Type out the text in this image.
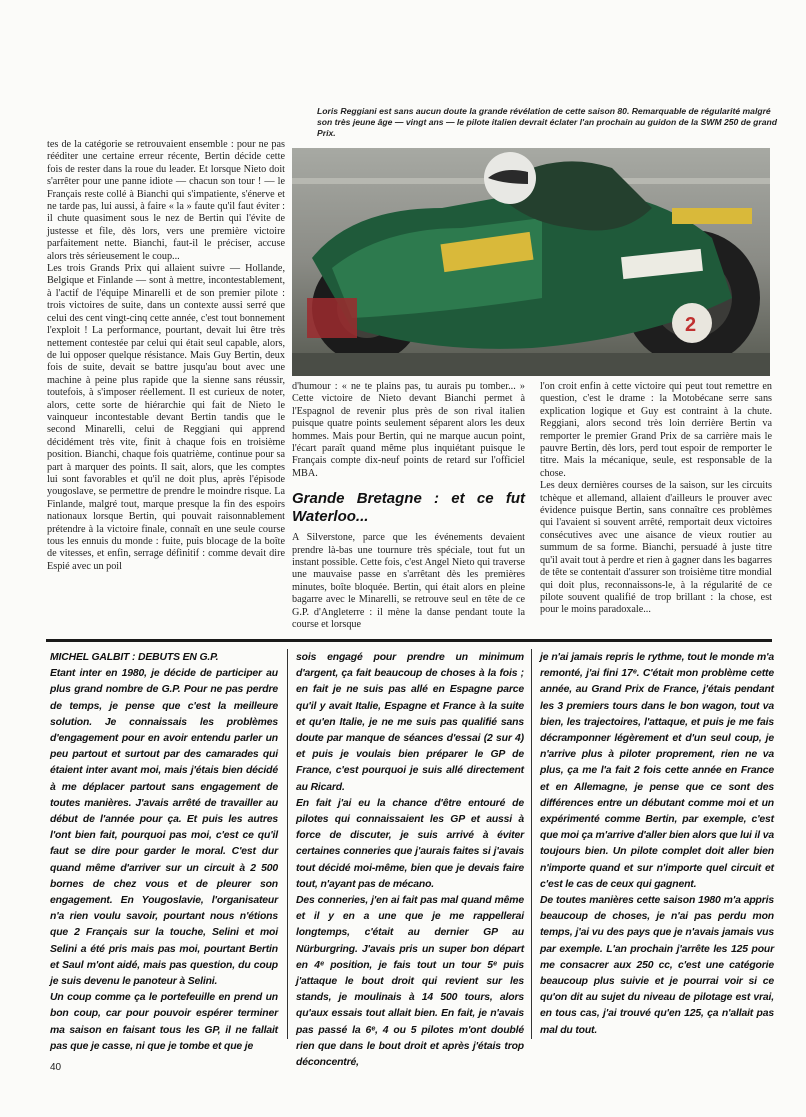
Loris Reggiani est sans aucun doute la grande révélation de cette saison 80. Remarquable de régularité malgré son très jeune âge — vingt ans — le pilote italien devrait éclater l'an prochain au guidon de la SWM 250 de grand Prix.
2

tes de la catégorie se retrouvaient ensemble : pour ne pas rééditer une certaine erreur récente, Bertin décide cette fois de rester dans la roue du leader. Et lorsque Nieto doit s'arrêter pour une panne idiote — chacun son tour ! — le Français reste collé à Bianchi qui s'impatiente, s'énerve et ne tarde pas, lui aussi, à faire « la » faute qu'il faut éviter : il chute quasiment sous le nez de Bertin qui l'évite de justesse et file, dès lors, vers une première victoire parfaitement nette. Bianchi, faut-il le préciser, accuse alors très sérieusement le coup...

Les trois Grands Prix qui allaient suivre — Hollande, Belgique et Finlande — sont à mettre, incontestablement, à l'actif de l'équipe Minarelli et de son premier pilote : trois victoires de suite, dans un contexte aussi serré que celui des cent vingt-cinq cette année, c'est tout bonnement l'exploit ! La performance, pourtant, devait lui être très nettement contestée par celui qui était seul capable, alors, de lui opposer quelque résistance. Mais Guy Bertin, deux fois de suite, devait se battre jusqu'au bout avec une machine à peine plus rapide que la sienne sans réussir, toutefois, à s'imposer réellement. Il est curieux de noter, alors, cette sorte de hiérarchie qui fait de Nieto le vainqueur incontestable devant Bertin tandis que le second Minarelli, celui de Reggiani qui apprend décidément très vite, finit à chaque fois en troisième position. Bianchi, chaque fois quatrième, continue pour sa part à marquer des points. Il sait, alors, que les comptes lui sont favorables et qu'il ne doit plus, après l'épisode yougoslave, se permettre de prendre le moindre risque. La Finlande, malgré tout, marque presque la fin des espoirs nationaux lorsque Bertin, qui pouvait raisonnablement prétendre à la victoire finale, connaît en une seule course tous les ennuis du monde : fuite, puis blocage de la boîte de vitesses, et enfin, serrage définitif : comme devait dire Espié avec un poil

d'humour : « ne te plains pas, tu aurais pu tomber... » Cette victoire de Nieto devant Bianchi permet à l'Espagnol de revenir plus près de son rival italien puisque quatre points seulement séparent alors les deux hommes. Mais pour Bertin, qui ne marque aucun point, l'écart paraît quand même plus inquiétant puisque le Français compte dix-neuf points de retard sur l'officiel MBA.

Grande Bretagne : et ce fut Waterloo...

A Silverstone, parce que les événements devaient prendre là-bas une tournure très spéciale, tout fut un instant possible. Cette fois, c'est Angel Nieto qui traverse une mauvaise passe en s'arrêtant dès les premières minutes, boîte bloquée. Bertin, qui était alors en pleine bagarre avec le Minarelli, se retrouve seul en tête de ce G.P. d'Angleterre : il mène la danse pendant toute la course et lorsque

l'on croit enfin à cette victoire qui peut tout remettre en question, c'est le drame : la Motobécane serre sans explication logique et Guy est contraint à la chute. Reggiani, alors second très loin derrière Bertin va remporter le premier Grand Prix de sa carrière mais le pauvre Bertin, dès lors, perd tout espoir de remporter le titre. Mais la mécanique, seule, est responsable de la chose.

Les deux dernières courses de la saison, sur les circuits tchèque et allemand, allaient d'ailleurs le prouver avec évidence puisque Bertin, sans connaître ces problèmes qui l'avaient si souvent arrêté, remportait deux victoires consécutives avec une aisance de vieux routier au summum de sa forme. Bianchi, persuadé à juste titre qu'il avait tout à perdre et rien à gagner dans les bagarres de tête se contentait d'assurer son troisième titre mondial qui doit plus, reconnaissons-le, à la régularité de ce pilote souvent qualifié de trop brillant : la chose, est pour le moins paradoxale...

MICHEL GALBIT : DEBUTS EN G.P.

Etant inter en 1980, je décide de participer au plus grand nombre de G.P. Pour ne pas perdre de temps, je pense que c'est la meilleure solution. Je connaissais les problèmes d'engagement pour en avoir entendu parler un peu partout et surtout par des camarades qui étaient inter avant moi, mais j'étais bien décidé à me déplacer partout sans engagement de toutes manières. J'avais arrêté de travailler au début de l'année pour ça. Et puis les autres l'ont bien fait, pourquoi pas moi, c'est ce qu'il faut se dire pour garder le moral. C'est dur quand même d'arriver sur un circuit à 2 500 bornes de chez vous et de pleurer son engagement. En Yougoslavie, l'organisateur n'a rien voulu savoir, pourtant nous n'étions que 2 Français sur la touche, Selini et moi Selini a été pris mais pas moi, pourtant Bertin et Saul m'ont aidé, mais pas question, du coup je suis devenu le panoteur à Selini.

Un coup comme ça le portefeuille en prend un bon coup, car pour pouvoir espérer terminer ma saison en faisant tous les GP, il ne fallait pas que je casse, ni que je tombe et que je

sois engagé pour prendre un minimum d'argent, ça fait beaucoup de choses à la fois ; en fait je ne suis pas allé en Espagne parce qu'il y avait Italie, Espagne et France à la suite et qu'en Italie, je ne me suis pas qualifié sans doute par manque de séances d'essai (2 sur 4) et puis je voulais bien préparer le GP de France, c'est pourquoi je suis allé directement au Ricard.

En fait j'ai eu la chance d'être entouré de pilotes qui connaissaient les GP et aussi à force de discuter, je suis arrivé à éviter certaines conneries que j'aurais faites si j'avais tout décidé moi-même, bien que je devais faire tout, n'ayant pas de mécano.

Des conneries, j'en ai fait pas mal quand même et il y en a une que je me rappellerai longtemps, c'était au dernier GP au Nürburgring. J'avais pris un super bon départ en 4ᵉ position, je fais tout un tour 5ᵉ puis j'attaque le bout droit qui revient sur les stands, je moulinais à 14 500 tours, alors qu'aux essais tout allait bien. En fait, je n'avais pas passé la 6ᵉ, 4 ou 5 pilotes m'ont doublé rien que dans le bout droit et après j'étais trop déconcentré,

je n'ai jamais repris le rythme, tout le monde m'a remonté, j'ai fini 17ᵉ. C'était mon problème cette année, au Grand Prix de France, j'étais pendant les 3 premiers tours dans le bon wagon, tout va bien, les trajectoires, l'attaque, et puis je me fais décramponner légèrement et d'un seul coup, je n'arrive plus à piloter proprement, rien ne va plus, ça me l'a fait 2 fois cette année en France et en Allemagne, je pense que ce sont des différences entre un débutant comme moi et un expérimenté comme Bertin, par exemple, c'est que moi ça m'arrive d'aller bien alors que lui il va toujours bien. Un pilote complet doit aller bien n'importe quand et sur n'importe quel circuit et c'est le cas de ceux qui gagnent.

De toutes manières cette saison 1980 m'a appris beaucoup de choses, je n'ai pas perdu mon temps, j'ai vu des pays que je n'avais jamais vus par exemple. L'an prochain j'arrête les 125 pour me consacrer aux 250 cc, c'est une catégorie beaucoup plus suivie et je pourrai voir si ce qu'on dit au sujet du niveau de pilotage est vrai, en tous cas, j'ai trouvé qu'en 125, ça n'allait pas mal du tout.

40
